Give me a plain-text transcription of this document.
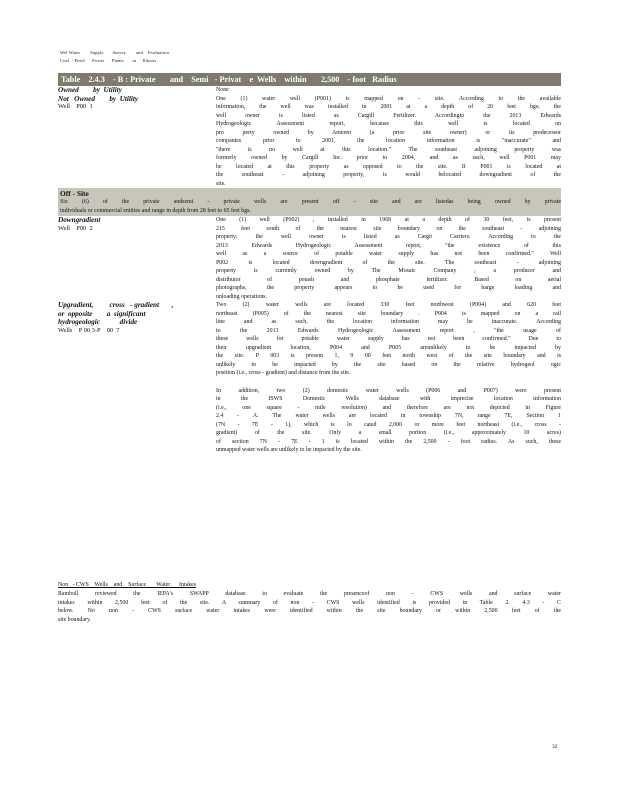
Wel Water        Supply       Survey        and    Evaluation
Coal  - Fired      Power      Plants       in     Illinois
Table    2.4.3    - B : Private       and    Semi   - Privat    e  Wells    within       2,500    - foot   Radius
Owned        by  Utility
Not   Owned        by  Utility
Well    P00  1
None
One (1) water well (P001) is mapped on - site. According to the available
information, the well was installed in 2001 at a depth of 20 feet bgs; the
well owner is listed as Cargill Fertilizer. Accordingto the 2013 Edwards
Hydrogeologic Assessment report, because this well is located on
pro perty owned by Ameren (a prior site owner) or its predecessor
companies prior to 2001, the location information is "inaccurate" and
"there is no well at this location." The southeast adjoining property was
formerly owned by Cargill Inc. prior to 2004, and as such, well P001 may
be located at this property as opposed to the site. If P001 is located at
the southeast - adjoining property, is would belocated downgradient of the
site.
Off - Site
Six (6) of the private andsemi - private wells are present off - site and are listedas being owned by private
individuals or commercial entities and range in depth from 28 feet to 65 feet bgs.
Downgradient
Well    P00  2
One (1) well (P002) , installed in 1968 at a depth of 30 feet, is present
215 feet south of the nearest site boundary on the southeast - adjoining
property; the well owner is listed as Cargo Carriers. According to the
2013 Edwards Hydrogeologic Assessment report, "the existence of this
well as a source of potable water supply has not been confirmed." Well
P002 is located downgradient of the site. The southeast - adjoining
property is currently owned by The Mosaic Company , a producer and
distributor of potash and phosphate fertilizer. Based on aerial
photographs, the property appears to be used for barge loading and
unloading operations.
Upgradient,         cross   - gradient       ,
or  opposite        a  significant
hydrogeologic           divide
Wells    P 00 3-P    00  7
Two (2) water wells are located 330 feet northwest (P004) and 620 feet
northeast (P005) of the nearest site boundary . P004 is mapped on a rail
line and as such, the location information may be inaccurate. According
to the 2013 Edwards Hydrogeologic Assessment report , "the usage of
these wells for potable water supply has not been confirmed." Due to
their upgradient location, P004 and P005 areunlikely to be impacted by
the site. P 003 is present 1, 9 00 feet north west of the site boundary and is
unlikely to be impacted by the site based on the relative hydrogeol ogic
position (i.e., cross - gradient) and distance from the site.
In addition, two (2) domestic water wells (P006 and P007) were present
in the ISWS Domestic Wells database with imprecise location information
(i.e., one square - mile resolution) and therefore are not depicted in Figure
2.4 - A. The water wells are located in township 7N, range 7E, Section 1
(7N - 7E - 1), which is lo cated 2,000 or more feet northeast (i.e., cross -
gradient) of the site. Only a small portion (i.e., approximately 10 acres)
of section 7N - 7E - 1 is located within the 2,500 - foot radius. As such, these
unmapped water wells are unlikely to be impacted by the site.
Non   - CWS    Wells    and    Surface       Water      Intakes
Ramboll reviewed the IEPA's SWAPP database to evaluate the presenceof non - CWS wells and surface water
intakes within 2,500 feet of the site. A summary of non - CWS wells identified is provided in Table 2. 4.3 - C
below. No non - CWS surface water intakes were identified within the site boundary or within 2,500 feet of the
site boundary.
32
